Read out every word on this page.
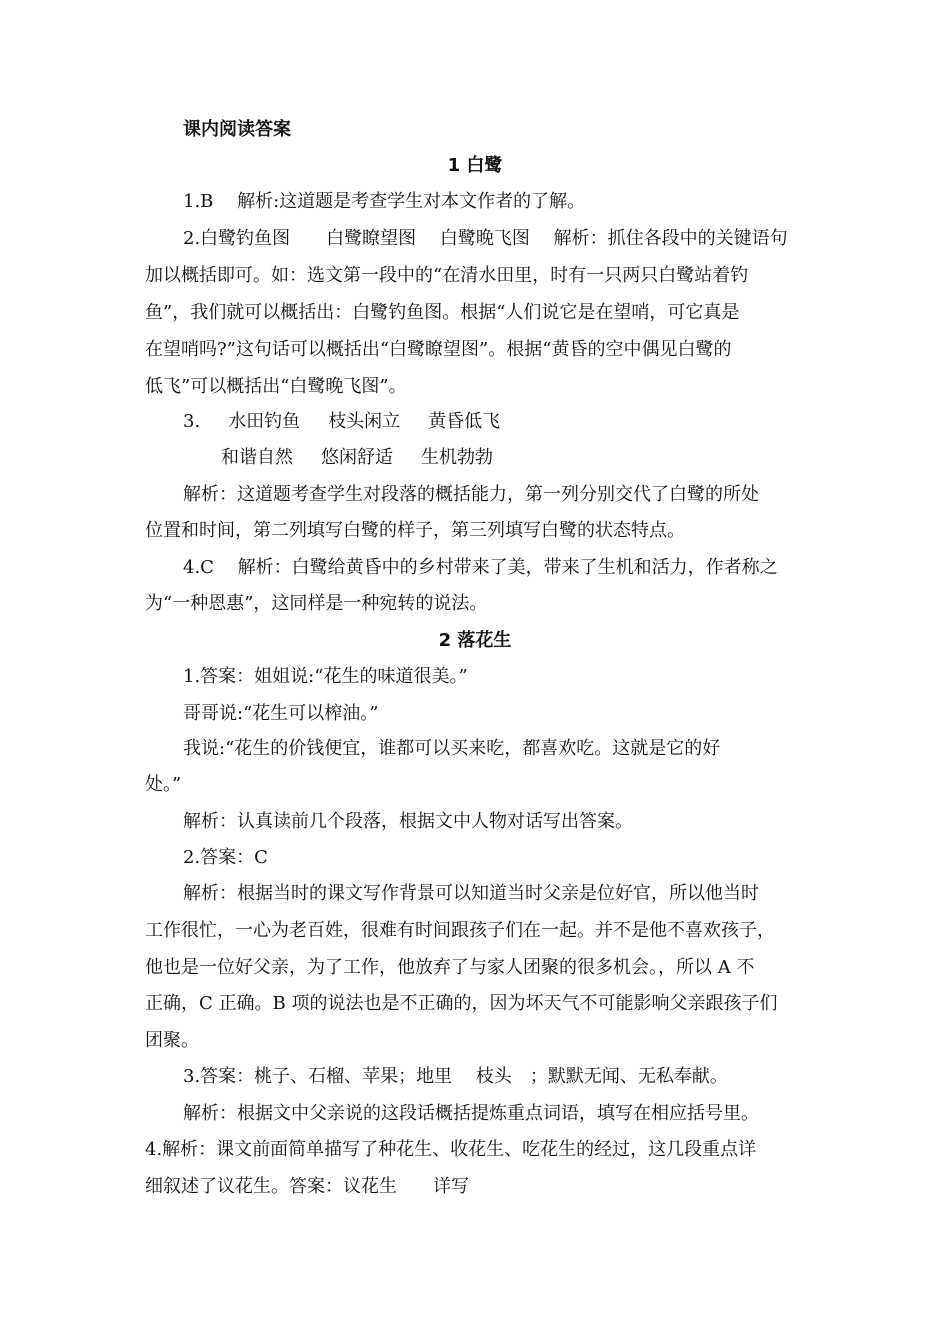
课内阅读答案
1 白鹭
1.B　 解析:这道题是考查学生对本文作者的了解。
2.白鹭钓鱼图　　白鹭瞭望图　 白鹭晚飞图　 解析：抓住各段中的关键语句
加以概括即可。如：选文第一段中的“在清水田里，时有一只两只白鹭站着钓
鱼”，我们就可以概括出：白鹭钓鱼图。根据“人们说它是在望哨，可它真是
在望哨吗?”这句话可以概括出“白鹭瞭望图”。根据“黄昏的空中偶见白鹭的
低飞”可以概括出“白鹭晚飞图”。
3. 水田钓鱼 枝头闲立 黄昏低飞
和谐自然 悠闲舒适 生机勃勃
解析：这道题考查学生对段落的概括能力，第一列分别交代了白鹭的所处
位置和时间，第二列填写白鹭的样子，第三列填写白鹭的状态特点。
4.C　 解析：白鹭给黄昏中的乡村带来了美，带来了生机和活力，作者称之
为“一种恩惠”，这同样是一种宛转的说法。
2 落花生
1.答案：姐姐说:“花生的味道很美。”
哥哥说:“花生可以榨油。”
我说:“花生的价钱便宜，谁都可以买来吃，都喜欢吃。这就是它的好
处。”
解析：认真读前几个段落，根据文中人物对话写出答案。
2.答案：C
解析：根据当时的课文写作背景可以知道当时父亲是位好官，所以他当时
工作很忙，一心为老百姓，很难有时间跟孩子们在一起。并不是他不喜欢孩子，
他也是一位好父亲，为了工作，他放弃了与家人团聚的很多机会。，所以 A 不
正确，C 正确。B 项的说法也是不正确的，因为坏天气不可能影响父亲跟孩子们
团聚。
3.答案：桃子、石榴、苹果；地里　 枝头　；默默无闻、无私奉献。
解析：根据文中父亲说的这段话概括提炼重点词语，填写在相应括号里。
4.解析：课文前面简单描写了种花生、收花生、吃花生的经过，这几段重点详
细叙述了议花生。答案：议花生　　详写
